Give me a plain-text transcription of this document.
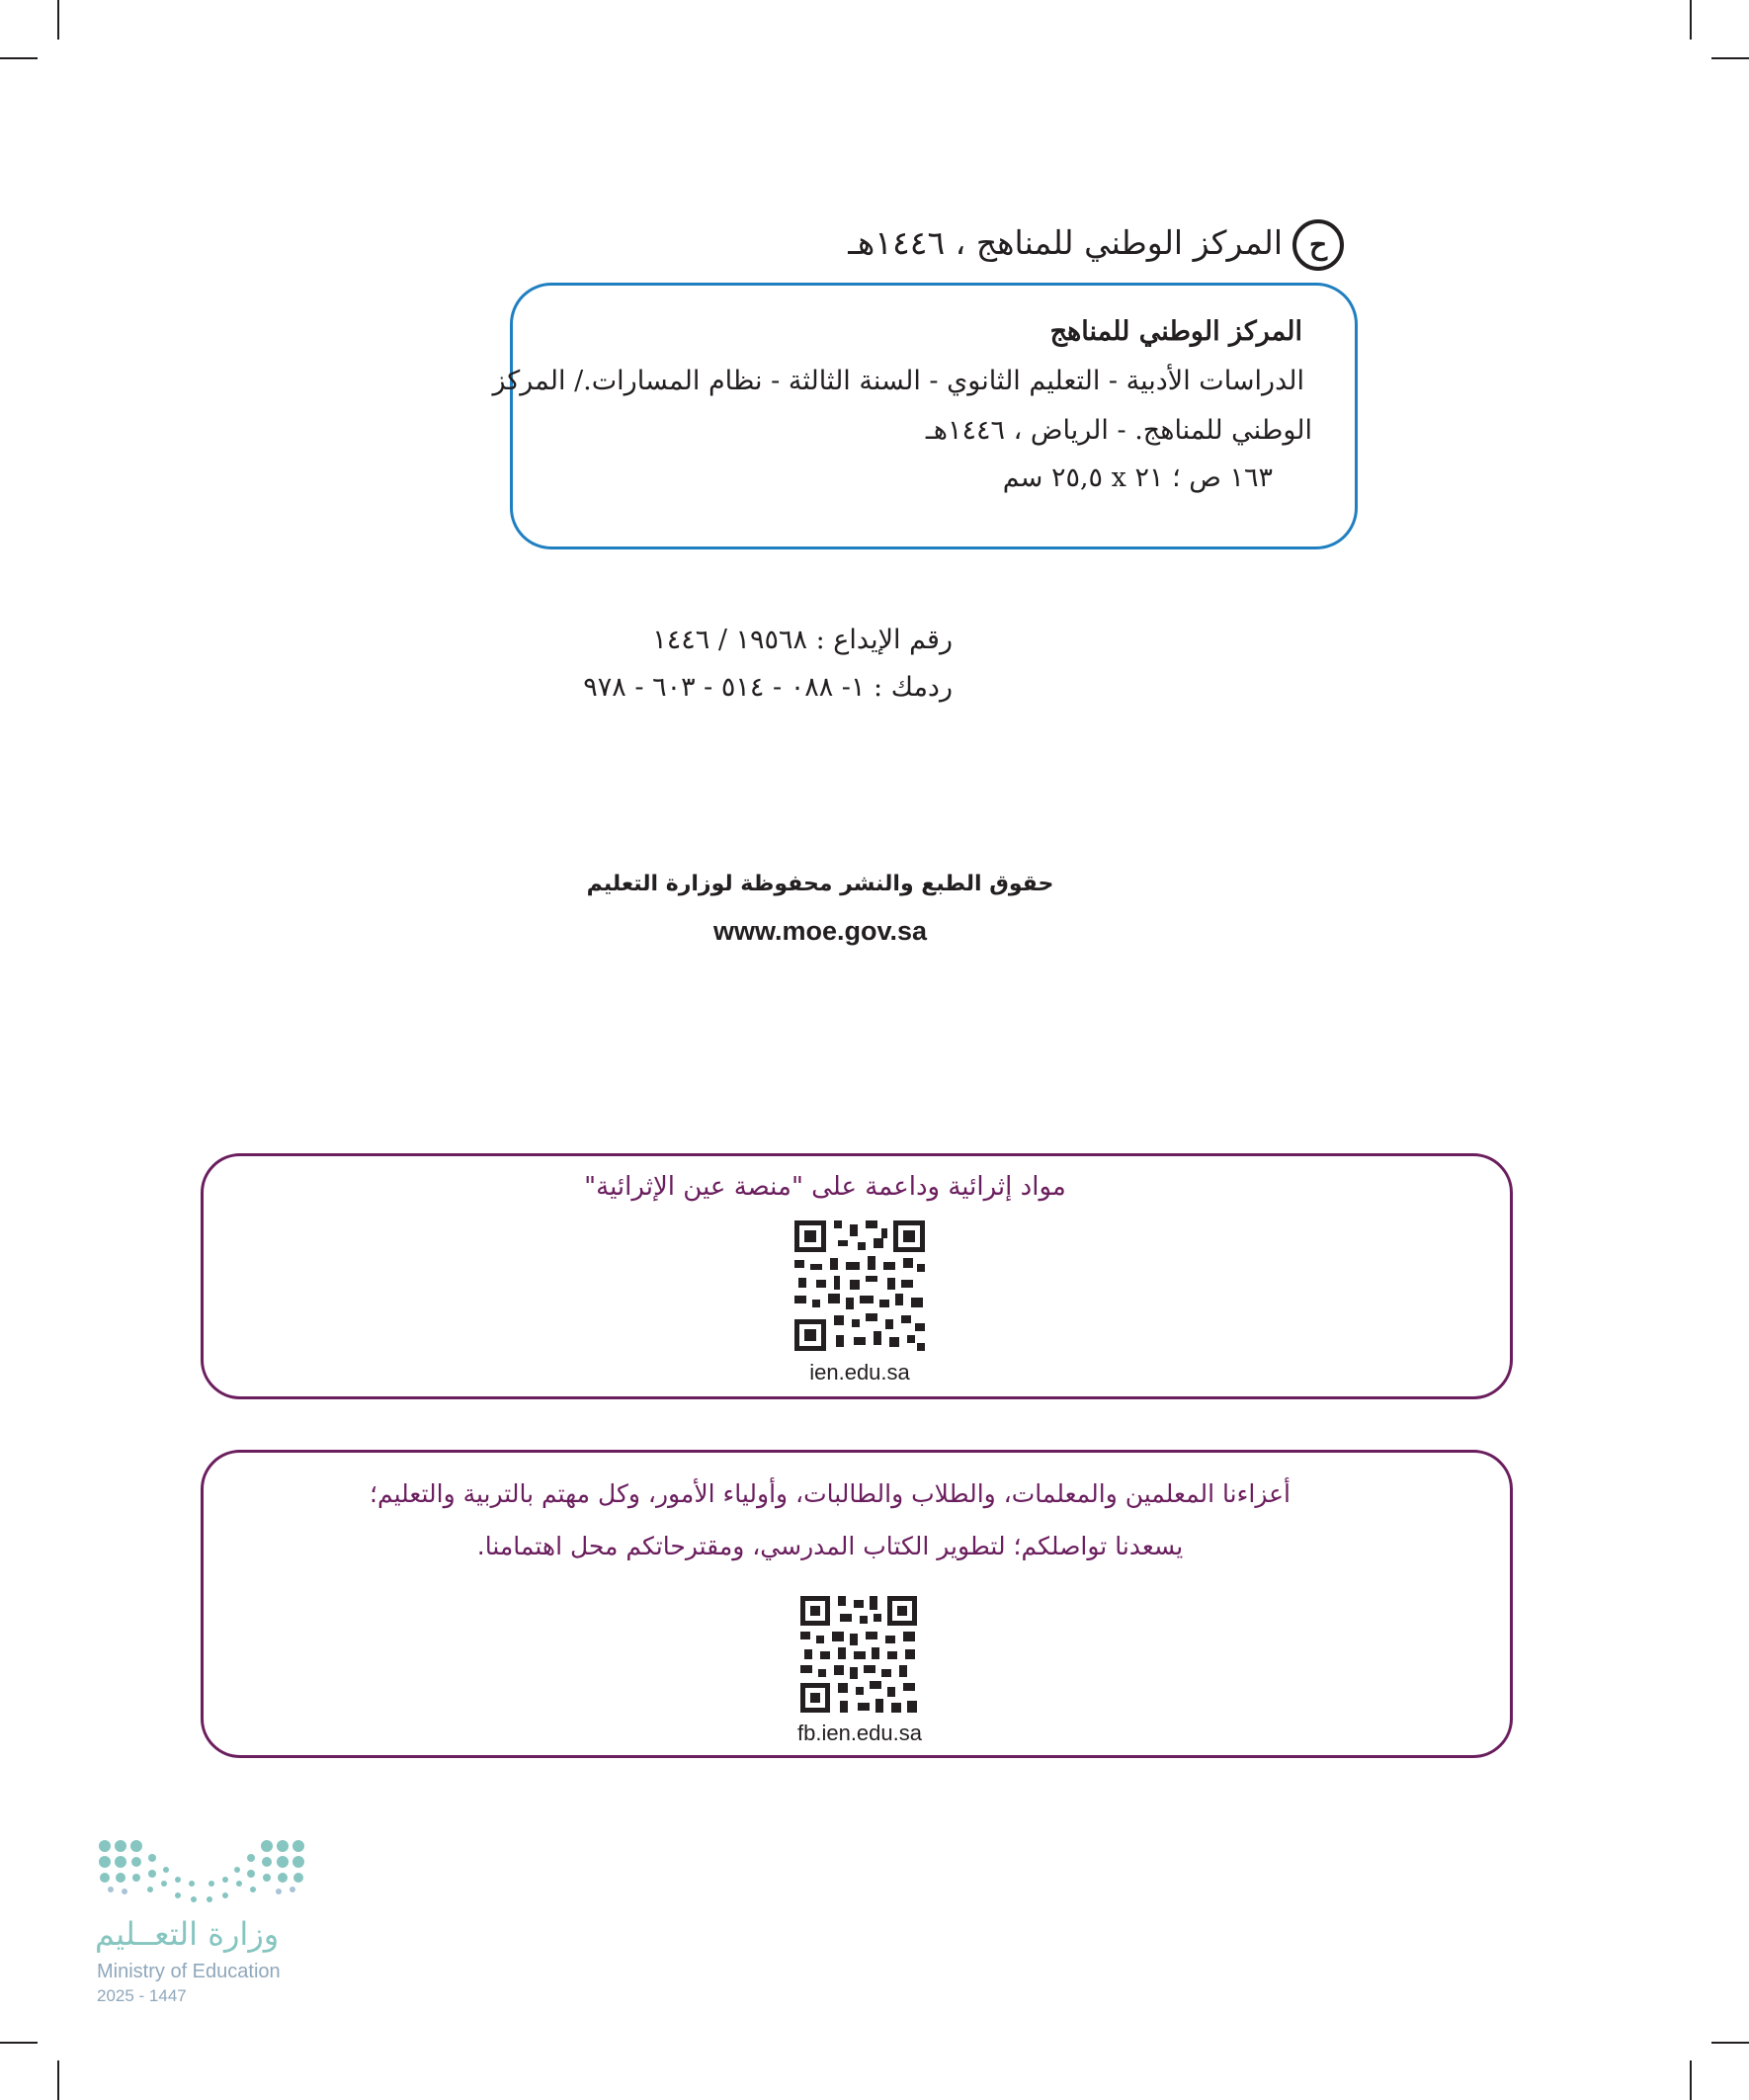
حالمركز الوطني للمناهج ، ١٤٤٦هـ
المركز الوطني للمناهج
الدراسات الأدبية - التعليم الثانوي - السنة الثالثة - نظام المسارات./ المركز
الوطني للمناهج. - الرياض ، ١٤٤٦هـ
١٦٣ ص ؛ ٢١ x ٢٥,٥ سم
رقم الإيداع : ١٩٥٦٨ / ١٤٤٦
ردمك : ١- ٠٨٨ - ٥١٤ - ٦٠٣ - ٩٧٨
حقوق الطبع والنشر محفوظة لوزارة التعليم
www.moe.gov.sa
مواد إثرائية وداعمة على "منصة عين الإثرائية"
ien.edu.sa
أعزاءنا المعلمين والمعلمات، والطلاب والطالبات، وأولياء الأمور، وكل مهتم بالتربية والتعليم؛
يسعدنا تواصلكم؛ لتطوير الكتاب المدرسي، ومقترحاتكم محل اهتمامنا.
fb.ien.edu.sa
وزارة التعــليم
Ministry of Education
2025 - 1447
